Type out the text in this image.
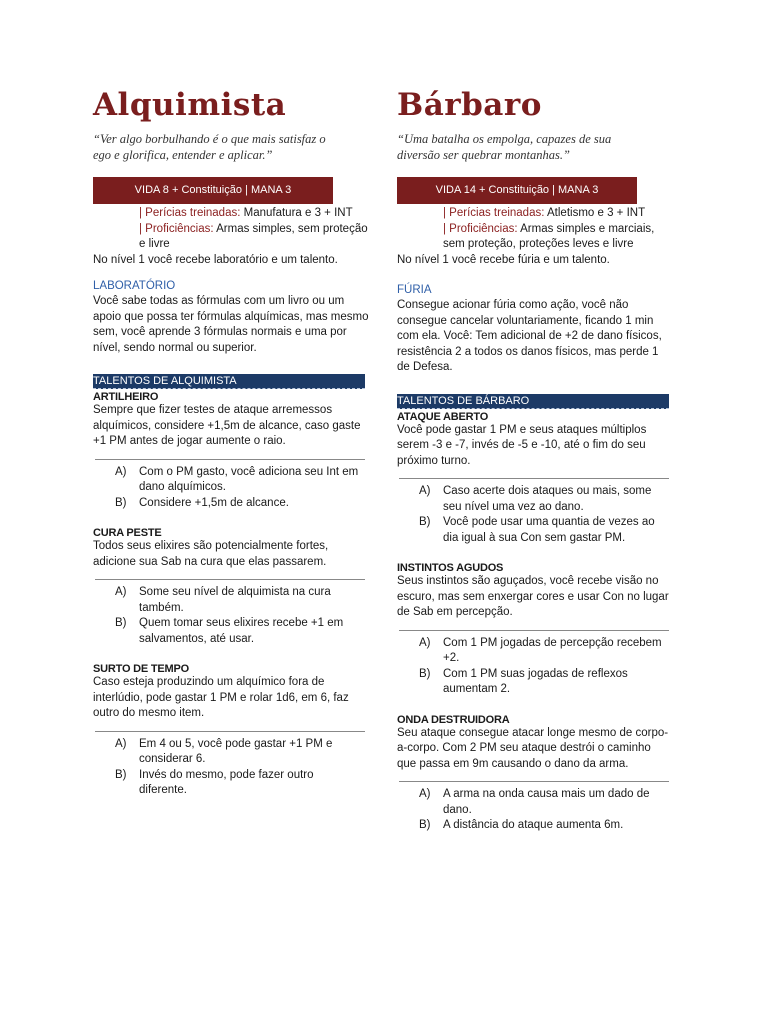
Alquimista

“Ver algo borbulhando é o que mais satisfaz o ego e glorifica, entender e aplicar.”

VIDA 8 + Constituição | MANA 3
| Perícias treinadas: Manufatura e 3 + INT
| Proficiências: Armas simples, sem proteção e livre

No nível 1 você recebe laboratório e um talento.

LABORATÓRIO

Você sabe todas as fórmulas com um livro ou um apoio que possa ter fórmulas alquímicas, mas mesmo sem, você aprende 3 fórmulas normais e uma por nível, sendo normal ou superior.

TALENTOS DE ALQUIMISTA
ARTILHEIRO

Sempre que fizer testes de ataque arremessos alquímicos, considere +1,5m de alcance, caso gaste +1 PM antes de jogar aumente o raio.

A)	Com o PM gasto, você adiciona seu Int em dano alquímicos.
B)	Considere +1,5m de alcance.
CURA PESTE

Todos seus elixires são potencialmente fortes, adicione sua Sab na cura que elas passarem.

A)	Some seu nível de alquimista na cura também.
B)	Quem tomar seus elixires recebe +1 em salvamentos, até usar.
SURTO DE TEMPO

Caso esteja produzindo um alquímico fora de interlúdio, pode gastar 1 PM e rolar 1d6, em 6, faz outro do mesmo item.

A)	Em 4 ou 5, você pode gastar +1 PM e considerar 6.
B)	Invés do mesmo, pode fazer outro diferente.
Bárbaro

“Uma batalha os empolga, capazes de sua diversão ser quebrar montanhas.”

VIDA 14 + Constituição | MANA 3
| Perícias treinadas: Atletismo e 3 + INT
| Proficiências: Armas simples e marciais, sem proteção, proteções leves e livre

No nível 1 você recebe fúria e um talento.

FÚRIA

Consegue acionar fúria como ação, você não consegue cancelar voluntariamente, ficando 1 min com ela. Você: Tem adicional de +2 de dano físicos, resistência 2 a todos os danos físicos, mas perde 1 de Defesa.

TALENTOS DE BÁRBARO
ATAQUE ABERTO

Você pode gastar 1 PM e seus ataques múltiplos serem -3 e -7, invés de -5 e -10, até o fim do seu próximo turno.

A)	Caso acerte dois ataques ou mais, some seu nível uma vez ao dano.
B)	Você pode usar uma quantia de vezes ao dia igual à sua Con sem gastar PM.
INSTINTOS AGUDOS

Seus instintos são aguçados, você recebe visão no escuro, mas sem enxergar cores e usar Con no lugar de Sab em percepção.

A)	Com 1 PM jogadas de percepção recebem +2.
B)	Com 1 PM suas jogadas de reflexos aumentam 2.
ONDA DESTRUIDORA

Seu ataque consegue atacar longe mesmo de corpo-a-corpo. Com 2 PM seu ataque destrói o caminho que passa em 9m causando o dano da arma.

A)	A arma na onda causa mais um dado de dano.
B)	A distância do ataque aumenta 6m.
